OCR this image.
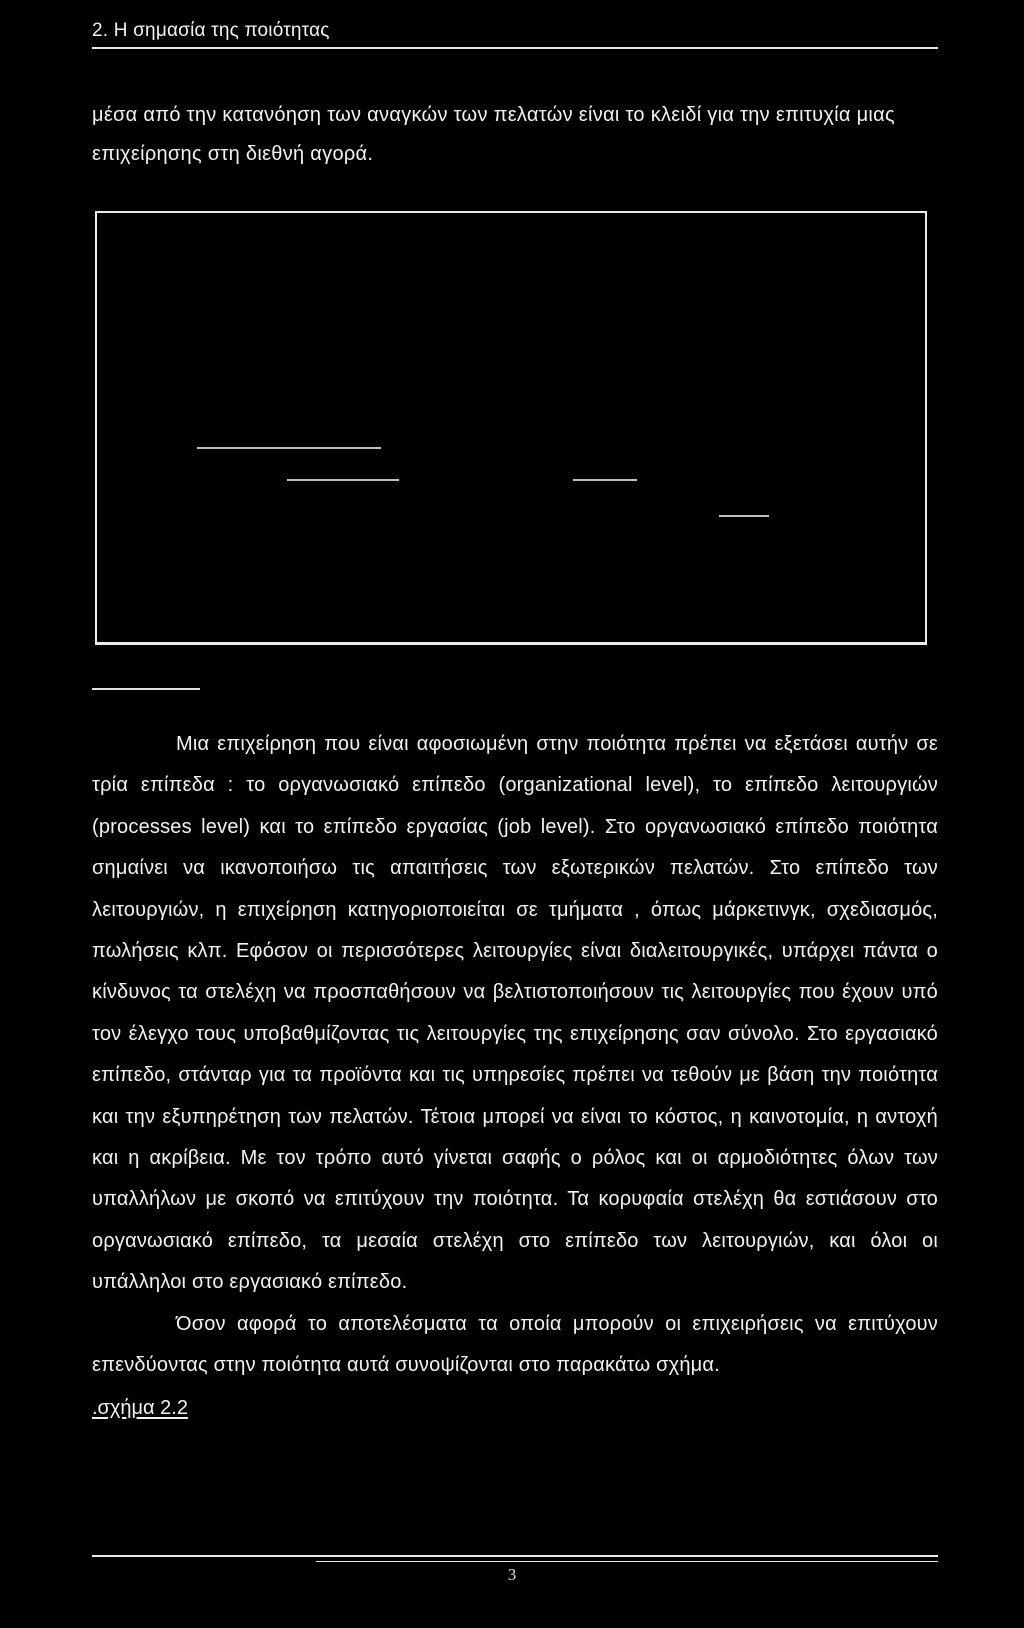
2. Η σημασία της ποιότητας

μέσα από την κατανόηση των αναγκών των πελατών είναι το κλειδί για την επιτυχία μιας επιχείρησης στη διεθνή αγορά.

Μια επιχείρηση που είναι αφοσιωμένη στην ποιότητα πρέπει να εξετάσει αυτήν σε τρία επίπεδα : το οργανωσιακό επίπεδο (organizational level), το επίπεδο λειτουργιών (processes level) και το επίπεδο εργασίας (job level). Στο οργανωσιακό επίπεδο ποιότητα σημαίνει να ικανοποιήσω τις απαιτήσεις των εξωτερικών πελατών. Στο επίπεδο των λειτουργιών, η επιχείρηση κατηγοριοποιείται σε τμήματα , όπως μάρκετινγκ, σχεδιασμός, πωλήσεις κλπ. Εφόσον οι περισσότερες λειτουργίες είναι διαλειτουργικές, υπάρχει πάντα ο κίνδυνος τα στελέχη να προσπαθήσουν να βελτιστοποιήσουν τις λειτουργίες που έχουν υπό τον έλεγχο τους υποβαθμίζοντας τις λειτουργίες της επιχείρησης σαν σύνολο. Στο εργασιακό επίπεδο, στάνταρ για τα προϊόντα και τις υπηρεσίες πρέπει να τεθούν με βάση την ποιότητα και την εξυπηρέτηση των πελατών. Τέτοια μπορεί να είναι το κόστος, η καινοτομία, η αντοχή και η ακρίβεια. Με τον τρόπο αυτό γίνεται σαφής ο ρόλος και οι αρμοδιότητες όλων των υπαλλήλων με σκοπό να επιτύχουν την ποιότητα. Τα κορυφαία στελέχη θα εστιάσουν στο οργανωσιακό επίπεδο, τα μεσαία στελέχη στο επίπεδο των λειτουργιών, και όλοι οι υπάλληλοι στο εργασιακό επίπεδο.

Όσον αφορά το αποτελέσματα τα οποία μπορούν οι επιχειρήσεις να επιτύχουν επενδύοντας στην ποιότητα αυτά συνοψίζονται στο παρακάτω σχήμα.

.σχήμα 2.2
3
